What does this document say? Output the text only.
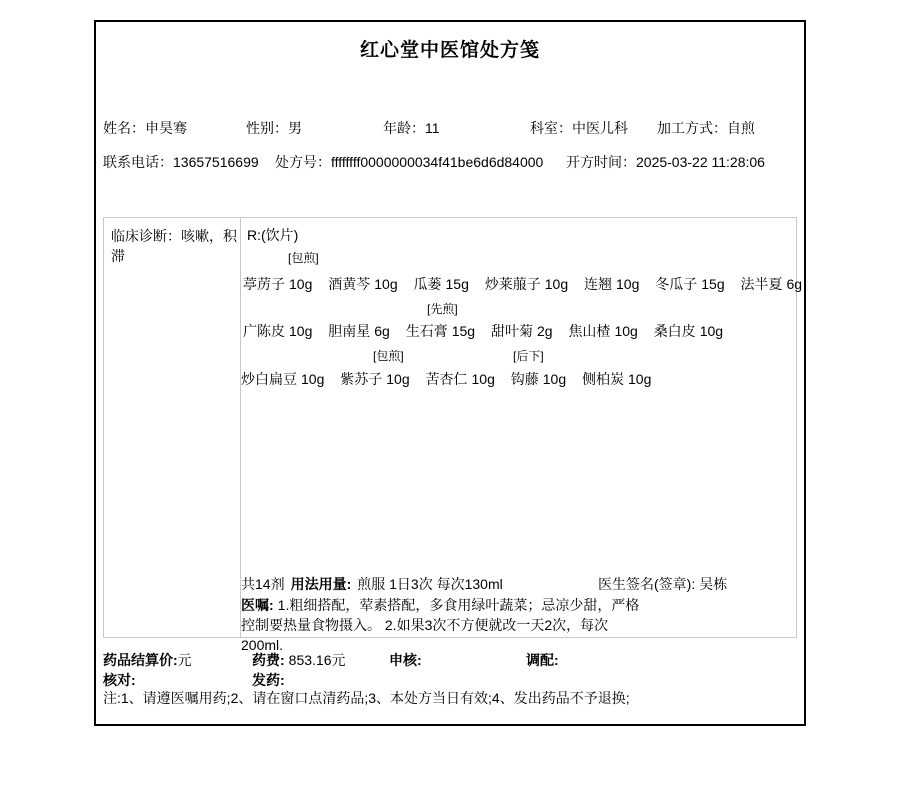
红心堂中医馆处方笺
姓名：申昊骞	性别：男	年龄：11	科室：中医儿科 加工方式：自煎
联系电话：13657516699 处方号：ffffffff0000000034f41be6d6d84000 开方时间：2025-03-22 11:28:06
临床诊断：咳嗽，积滞
R:(饮片)
[包煎]
葶苈子 10g
酒黄芩 10g
瓜蒌 15g
炒莱菔子 10g
连翘 10g
冬瓜子 15g
法半夏 6g
[先煎]
广陈皮 10g
胆南星 6g
生石膏 15g
甜叶菊 2g
焦山楂 10g
桑白皮 10g
[包煎]	[后下]
炒白扁豆 10g
紫苏子 10g
苦杏仁 10g
钩藤 10g
侧柏炭 10g
共14剂 用法用量: 煎服 1日3次 每次130ml	医生签名(签章): 吴栋
医嘱: 1.粗细搭配，荤素搭配，多食用绿叶蔬菜；忌凉少甜，严格
控制要热量食物摄入。 2.如果3次不方便就改一天2次，每次
200ml.
药品结算价:元	药费: 853.16元	申核:	调配:
核对:	发药:
注:1、请遵医嘱用药;2、请在窗口点清药品;3、本处方当日有效;4、发出药品不予退换;
